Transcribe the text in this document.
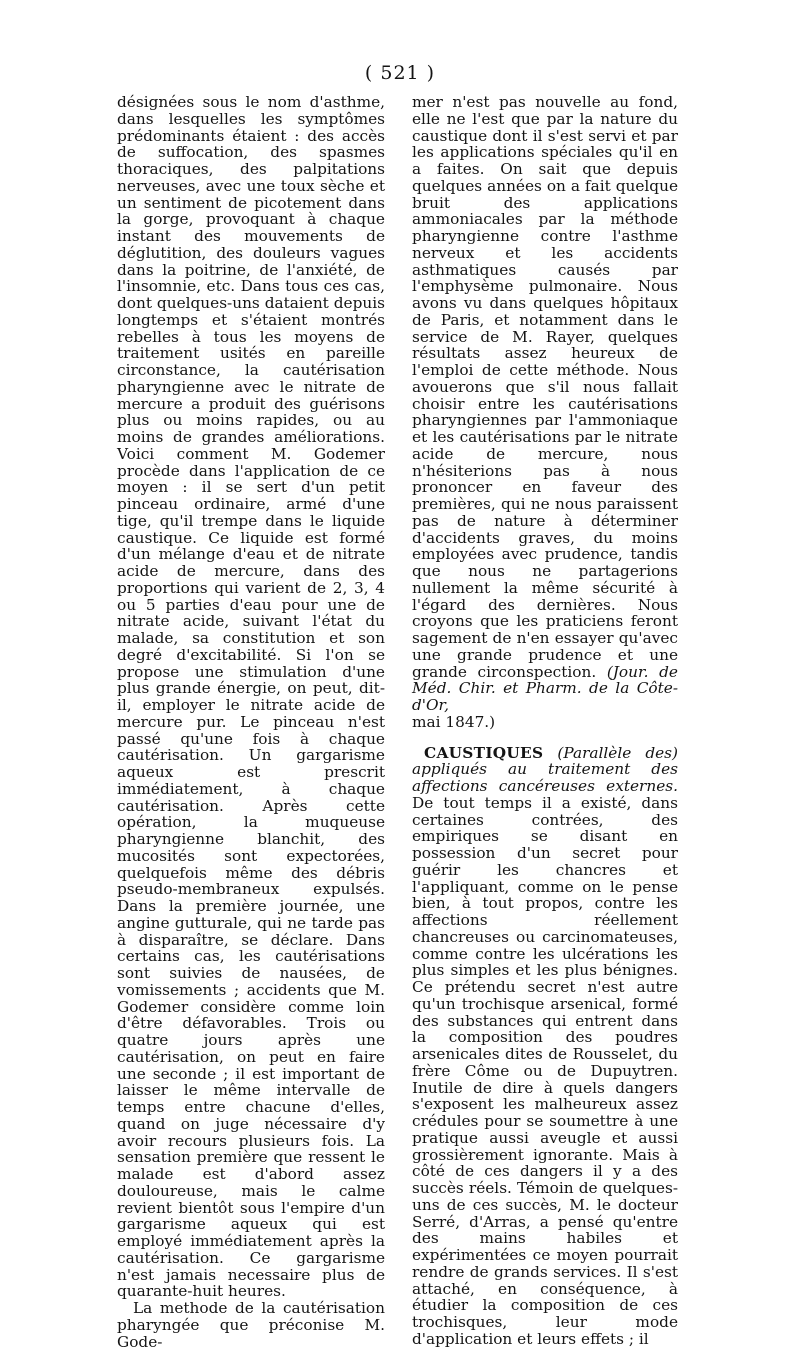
( 521 )

désignées sous le nom d'asthme, dans lesquelles les symptômes prédominants étaient : des accès de suffocation, des spasmes thoraciques, des palpitations nerveuses, avec une toux sèche et un sentiment de picotement dans la gorge, provoquant à chaque instant des mouvements de déglutition, des douleurs vagues dans la poitrine, de l'anxiété, de l'insomnie, etc. Dans tous ces cas, dont quelques-uns dataient depuis longtemps et s'étaient montrés rebelles à tous les moyens de traitement usités en pareille circonstance, la cautérisation pharyngienne avec le nitrate de mercure a produit des guérisons plus ou moins rapides, ou au moins de grandes améliorations. Voici comment M. Godemer procède dans l'application de ce moyen : il se sert d'un petit pinceau ordinaire, armé d'une tige, qu'il trempe dans le liquide caustique. Ce liquide est formé d'un mélange d'eau et de nitrate acide de mercure, dans des proportions qui varient de 2, 3, 4 ou 5 parties d'eau pour une de nitrate acide, suivant l'état du malade, sa constitution et son degré d'excitabilité. Si l'on se propose une stimulation d'une plus grande énergie, on peut, dit-il, employer le nitrate acide de mercure pur. Le pinceau n'est passé qu'une fois à chaque cautérisation. Un gargarisme aqueux est prescrit immédiatement, à chaque cautérisation. Après cette opération, la muqueuse pharyngienne blanchit, des mucosités sont expectorées, quelquefois même des débris pseudo-membraneux expulsés. Dans la première journée, une angine gutturale, qui ne tarde pas à disparaître, se déclare. Dans certains cas, les cautérisations sont suivies de nausées, de vomissements ; accidents que M. Godemer considère comme loin d'être défavorables. Trois ou quatre jours après une cautérisation, on peut en faire une seconde ; il est important de laisser le même intervalle de temps entre chacune d'elles, quand on juge nécessaire d'y avoir recours plusieurs fois. La sensation première que ressent le malade est d'abord assez douloureuse, mais le calme revient bientôt sous l'empire d'un gargarisme aqueux qui est employé immédiatement après la cautérisation. Ce gargarisme n'est jamais necessaire plus de quarante-huit heures.

La methode de la cautérisation pharyngée que préconise M. Gode-

mer n'est pas nouvelle au fond, elle ne l'est que par la nature du caustique dont il s'est servi et par les applications spéciales qu'il en a faites. On sait que depuis quelques années on a fait quelque bruit des applications ammoniacales par la méthode pharyngienne contre l'asthme nerveux et les accidents asthmatiques causés par l'emphysème pulmonaire. Nous avons vu dans quelques hôpitaux de Paris, et notamment dans le service de M. Rayer, quelques résultats assez heureux de l'emploi de cette méthode. Nous avouerons que s'il nous fallait choisir entre les cautérisations pharyngiennes par l'ammoniaque et les cautérisations par le nitrate acide de mercure, nous n'hésiterions pas à nous prononcer en faveur des premières, qui ne nous paraissent pas de nature à déterminer d'accidents graves, du moins employées avec prudence, tandis que nous ne partagerions nullement la même sécurité à l'égard des dernières. Nous croyons que les praticiens feront sagement de n'en essayer qu'avec une grande prudence et une grande circonspection. (Jour. de Méd. Chir. et Pharm. de la Côte-d'Or,

mai 1847.)

CAUSTIQUES (Parallèle des) appliqués au traitement des affections cancéreuses externes. De tout temps il a existé, dans certaines contrées, des empiriques se disant en possession d'un secret pour guérir les chancres et l'appliquant, comme on le pense bien, à tout propos, contre les affections réellement chancreuses ou carcinomateuses, comme contre les ulcérations les plus simples et les plus bénignes. Ce prétendu secret n'est autre qu'un trochisque arsenical, formé des substances qui entrent dans la composition des poudres arsenicales dites de Rousselet, du frère Côme ou de Dupuytren. Inutile de dire à quels dangers s'exposent les malheureux assez crédules pour se soumettre à une pratique aussi aveugle et aussi grossièrement ignorante. Mais à côté de ces dangers il y a des succès réels. Témoin de quelques-uns de ces succès, M. le docteur Serré, d'Arras, a pensé qu'entre des mains habiles et expérimentées ce moyen pourrait rendre de grands services. Il s'est attaché, en conséquence, à étudier la composition de ces trochisques, leur mode d'application et leurs effets ; il
